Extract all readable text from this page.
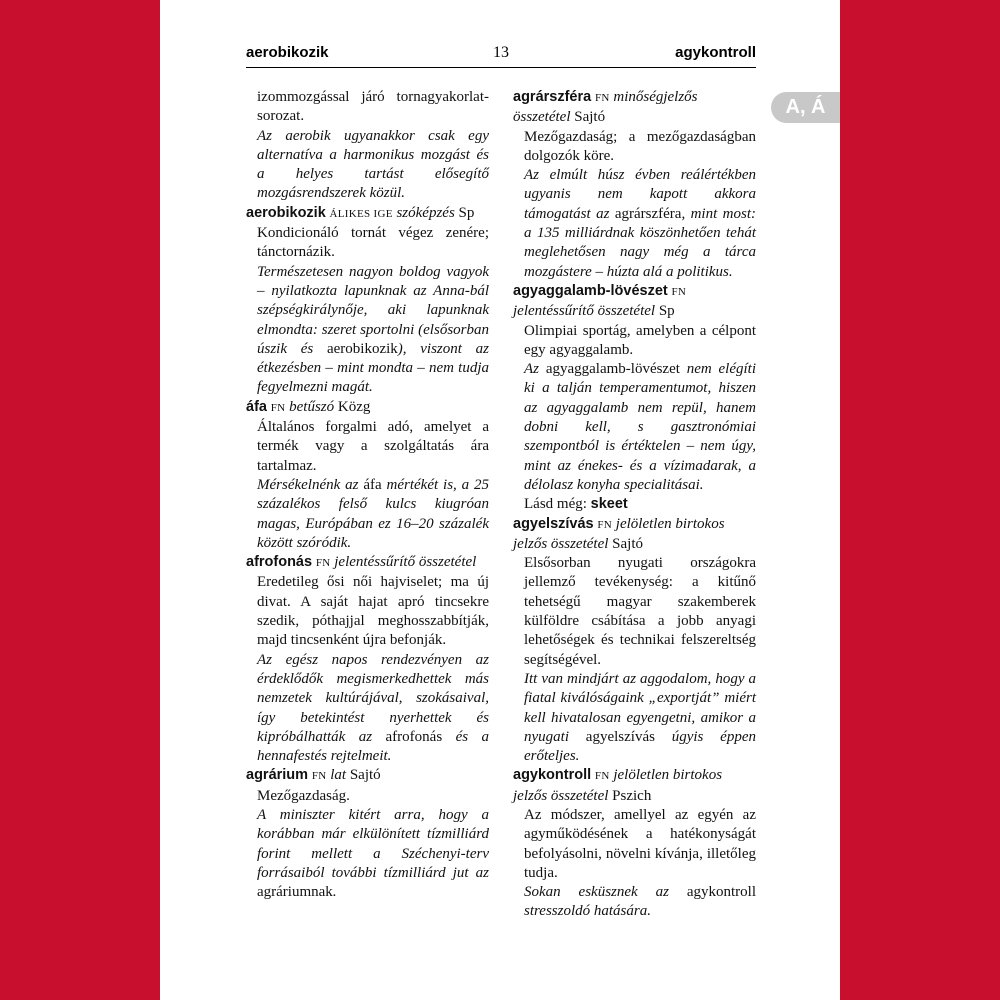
13
aerobikozik	agykontroll
A, Á
izommozgással járó tornagyakorlat-sorozat.
Az aerobik ugyanakkor csak egy alternatíva a harmonikus mozgást és a helyes tartást elősegítő mozgásrendszerek közül.
aerobikozik ÁLIKES IGE szóképzés Sp
Kondicionáló tornát végez zenére; tánctornázik.
Természetesen nagyon boldog vagyok – nyilatkozta lapunknak az Anna-bál szépségkirálynője, aki lapunknak elmondta: szeret sportolni (elsősorban úszik és aerobikozik), viszont az étkezésben – mint mondta – nem tudja fegyelmezni magát.
áfa FN betűszó Közg
Általános forgalmi adó, amelyet a termék vagy a szolgáltatás ára tartalmaz.
Mérsékelnénk az áfa mértékét is, a 25 százalékos felső kulcs kiugróan magas, Európában ez 16–20 százalék között szóródik.
afrofonás FN jelentéssűrítő összetétel
Eredetileg ősi női hajviselet; ma új divat. A saját hajat apró tincsekre szedik, póthajjal meghosszabbítják, majd tincsenként újra befonják.
Az egész napos rendezvényen az érdeklődők megismerkedhettek más nemzetek kultúrájával, szokásaival, így betekintést nyerhettek és kipróbálhatták az afrofonás és a hennafestés rejtelmeit.
agrárium FN lat Sajtó
Mezőgazdaság.
A miniszter kitért arra, hogy a korábban már elkülönített tízmilliárd forint mellett a Széchenyi-terv forrásaiból további tízmilliárd jut az agráriumnak.
agrárszféra FN minőségjelzős összetétel Sajtó
Mezőgazdaság; a mezőgazdaságban dolgozók köre.
Az elmúlt húsz évben reálértékben ugyanis nem kapott akkora támogatást az agrárszféra, mint most: a 135 milliárdnak köszönhetően tehát meglehetősen nagy még a tárca mozgástere – húzta alá a politikus.
agyaggalamb-lövészet FN jelentéssűrítő összetétel Sp
Olimpiai sportág, amelyben a célpont egy agyaggalamb.
Az agyaggalamb-lövészet nem elégíti ki a talján temperamentumot, hiszen az agyaggalamb nem repül, hanem dobni kell, s gasztronómiai szempontból is értéktelen – nem úgy, mint az énekes- és a vízimadarak, a délolasz konyha specialitásai.
Lásd még: skeet
agyelszívás FN jelöletlen birtokos jelzős összetétel Sajtó
Elsősorban nyugati országokra jellemző tevékenység: a kitűnő tehetségű magyar szakemberek külföldre csábítása a jobb anyagi lehetőségek és technikai felszereltség segítségével.
Itt van mindjárt az aggodalom, hogy a fiatal kiválóságaink „exportját” miért kell hivatalosan egyengetni, amikor a nyugati agyelszívás úgyis éppen erőteljes.
agykontroll FN jelöletlen birtokos jelzős összetétel Pszich
Az módszer, amellyel az egyén az agyműködésének a hatékonyságát befolyásolni, növelni kívánja, illetőleg tudja.
Sokan esküsznek az agykontroll stresszoldó hatására.
